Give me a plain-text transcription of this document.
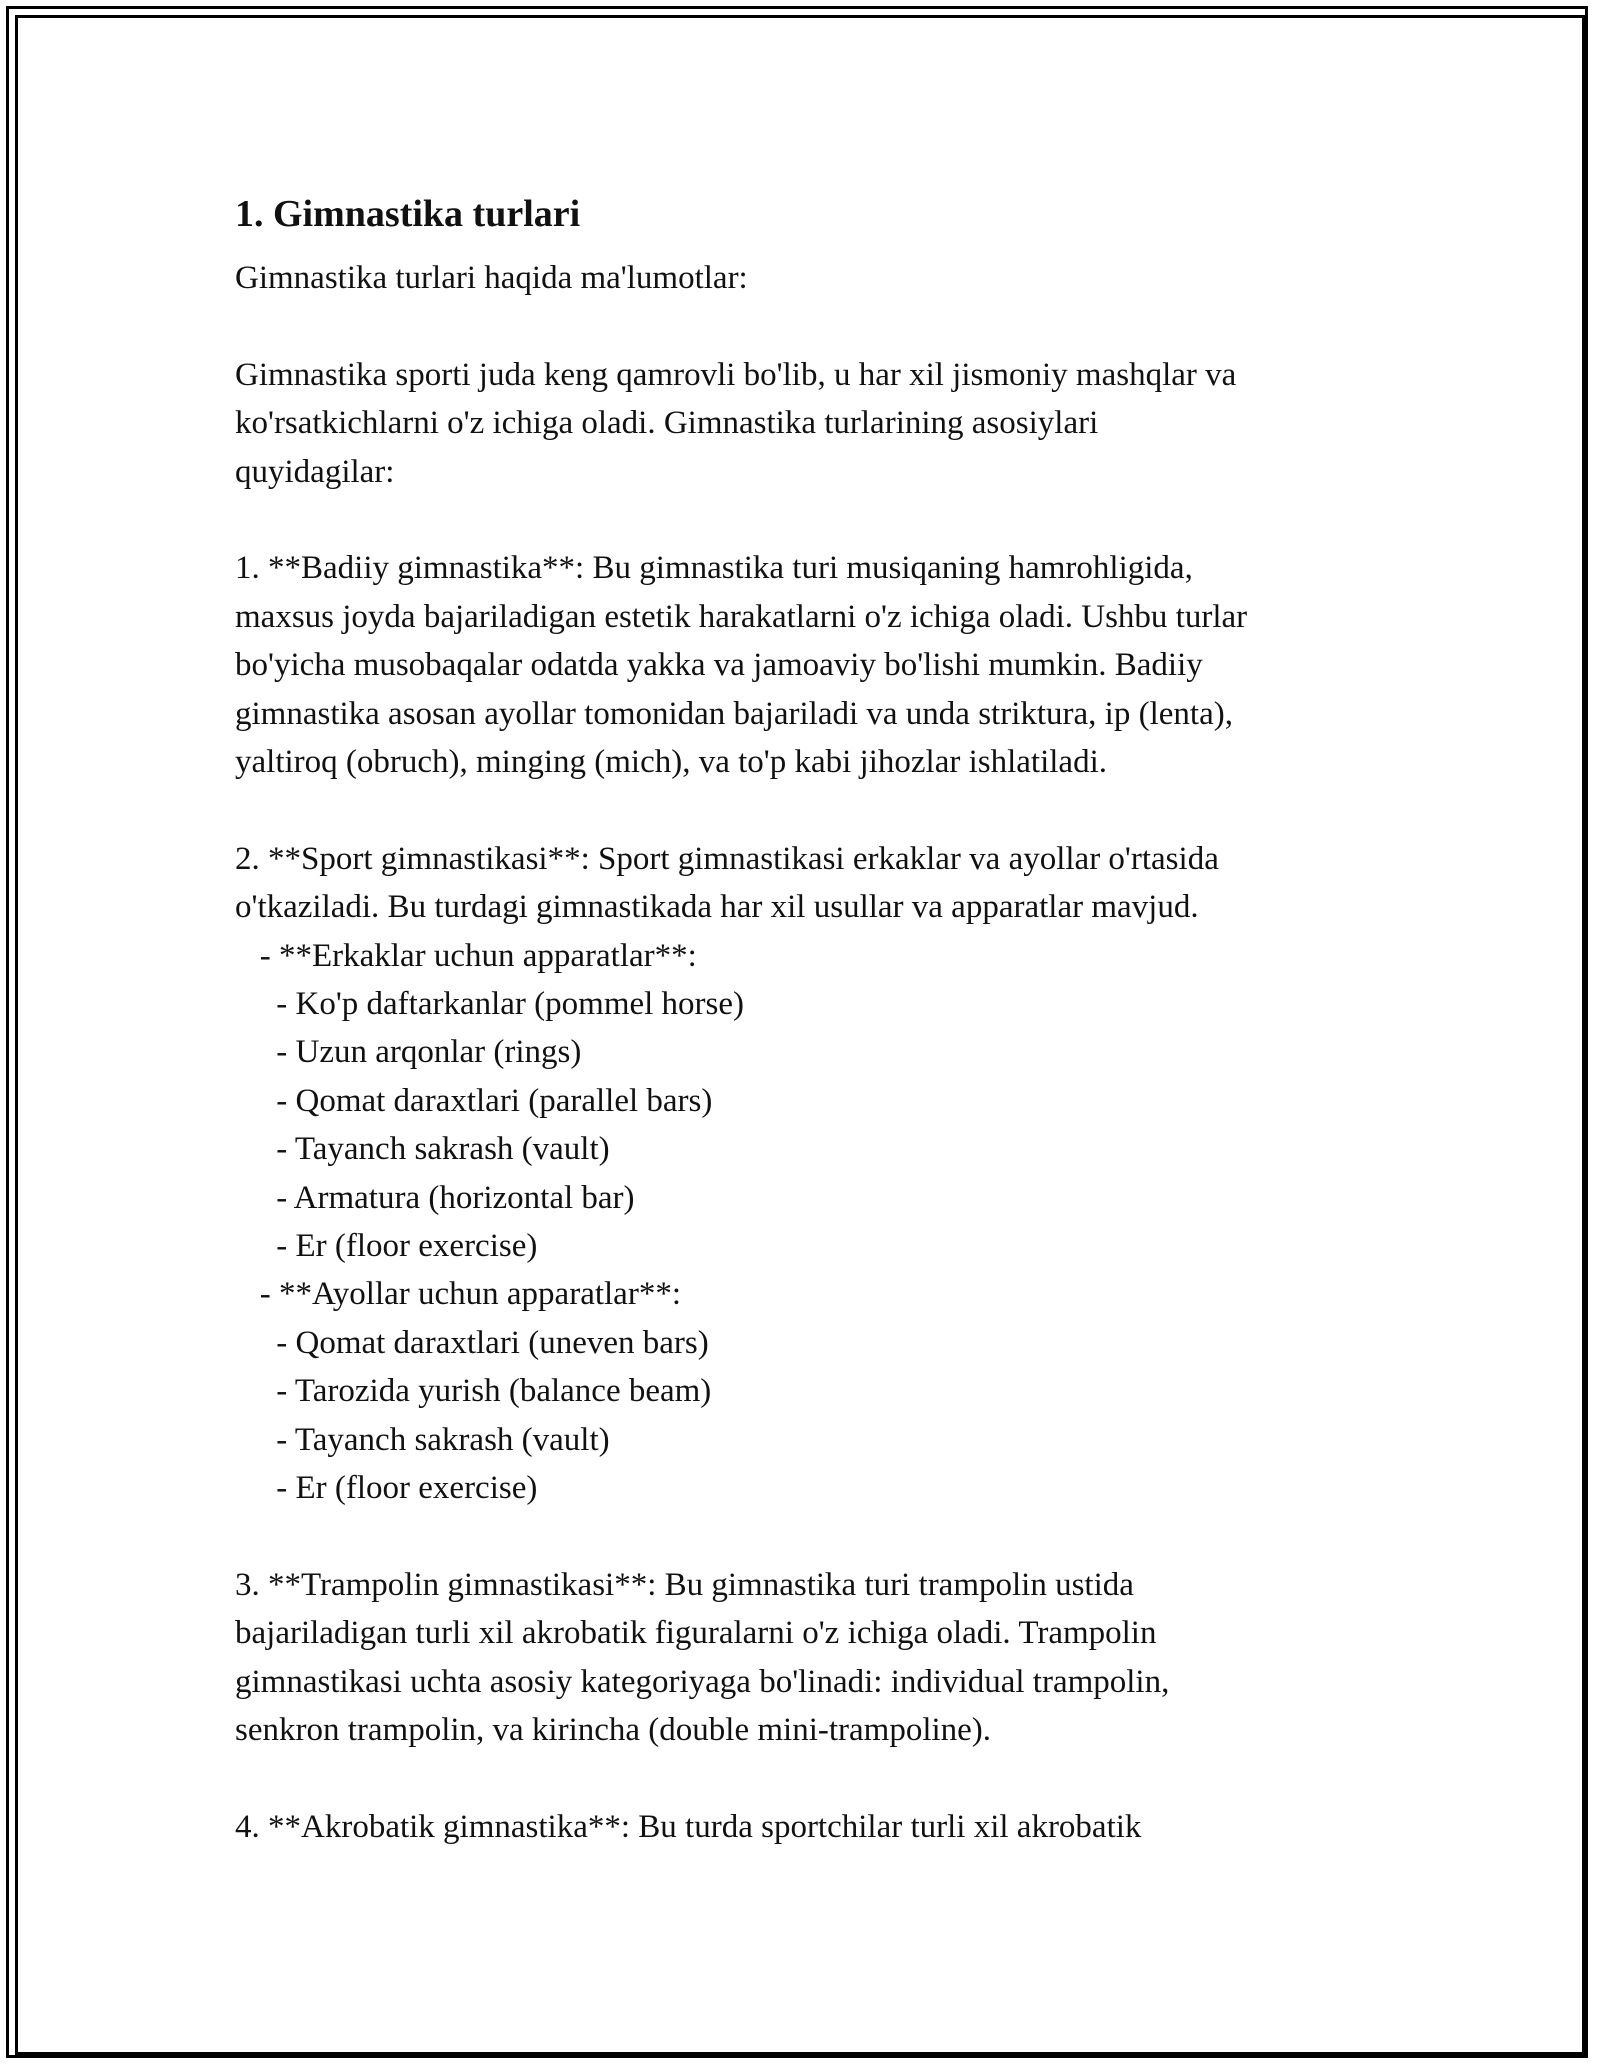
1. Gimnastika turlari
Gimnastika turlari haqida ma'lumotlar:
Gimnastika sporti juda keng qamrovli bo'lib, u har xil jismoniy mashqlar va
ko'rsatkichlarni o'z ichiga oladi. Gimnastika turlarining asosiylari
quyidagilar:
1. **Badiiy gimnastika**: Bu gimnastika turi musiqaning hamrohligida,
maxsus joyda bajariladigan estetik harakatlarni o'z ichiga oladi. Ushbu turlar
bo'yicha musobaqalar odatda yakka va jamoaviy bo'lishi mumkin. Badiiy
gimnastika asosan ayollar tomonidan bajariladi va unda striktura, ip (lenta),
yaltiroq (obruch), minging (mich), va to'p kabi jihozlar ishlatiladi.
2. **Sport gimnastikasi**: Sport gimnastikasi erkaklar va ayollar o'rtasida
o'tkaziladi. Bu turdagi gimnastikada har xil usullar va apparatlar mavjud.
- **Erkaklar uchun apparatlar**:
- Ko'p daftarkanlar (pommel horse)
- Uzun arqonlar (rings)
- Qomat daraxtlari (parallel bars)
- Tayanch sakrash (vault)
- Armatura (horizontal bar)
- Er (floor exercise)
- **Ayollar uchun apparatlar**:
- Qomat daraxtlari (uneven bars)
- Tarozida yurish (balance beam)
- Tayanch sakrash (vault)
- Er (floor exercise)
3. **Trampolin gimnastikasi**: Bu gimnastika turi trampolin ustida
bajariladigan turli xil akrobatik figuralarni o'z ichiga oladi. Trampolin
gimnastikasi uchta asosiy kategoriyaga bo'linadi: individual trampolin,
senkron trampolin, va kirincha (double mini-trampoline).
4. **Akrobatik gimnastika**: Bu turda sportchilar turli xil akrobatik
